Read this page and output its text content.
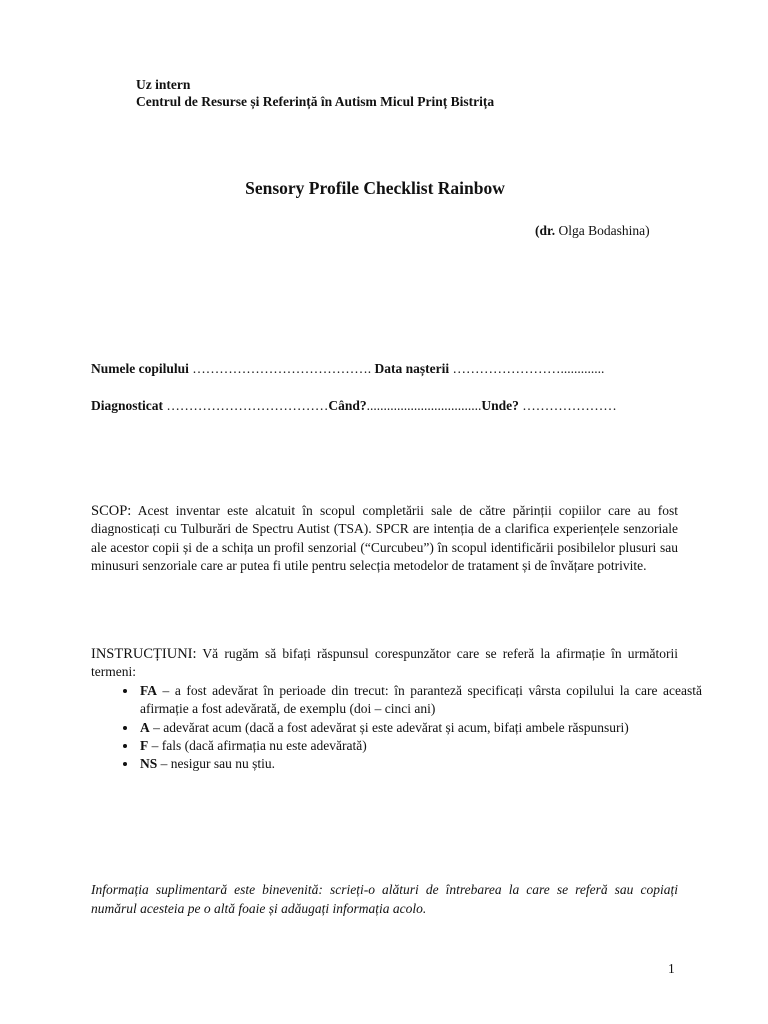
Uz intern
Centrul de Resurse și Referință în Autism Micul Prinț Bistrița
Sensory Profile Checklist Rainbow
(dr. Olga Bodashina)
Numele copilului …………………………………. Data nașterii …………………….............
Diagnosticat ………………………………Când?..................................Unde? …………………
SCOP: Acest inventar este alcatuit în scopul completării sale de către părinții copiilor care au fost diagnosticați cu Tulburări de Spectru Autist (TSA). SPCR are intenția de a clarifica experiențele senzoriale ale acestor copii și de a schița un profil senzorial (“Curcubeu”) în scopul identificării posibilelor plusuri sau minusuri senzoriale care ar putea fi utile pentru selecția metodelor de tratament și de învățare potrivite.
INSTRUCȚIUNI: Vă rugăm să bifați răspunsul corespunzător care se referă la afirmație în următorii termeni:
• FA – a fost adevărat în perioade din trecut: în paranteză specificați vârsta copilului la care această afirmație a fost adevărată, de exemplu (doi – cinci ani)
• A – adevărat acum (dacă a fost adevărat și este adevărat și acum, bifați ambele răspunsuri)
• F – fals (dacă afirmația nu este adevărată)
• NS – nesigur sau nu știu.
Informația suplimentară este binevenită: scrieți-o alături de întrebarea la care se referă sau copiați numărul acesteia pe o altă foaie și adăugați informația acolo.
1
